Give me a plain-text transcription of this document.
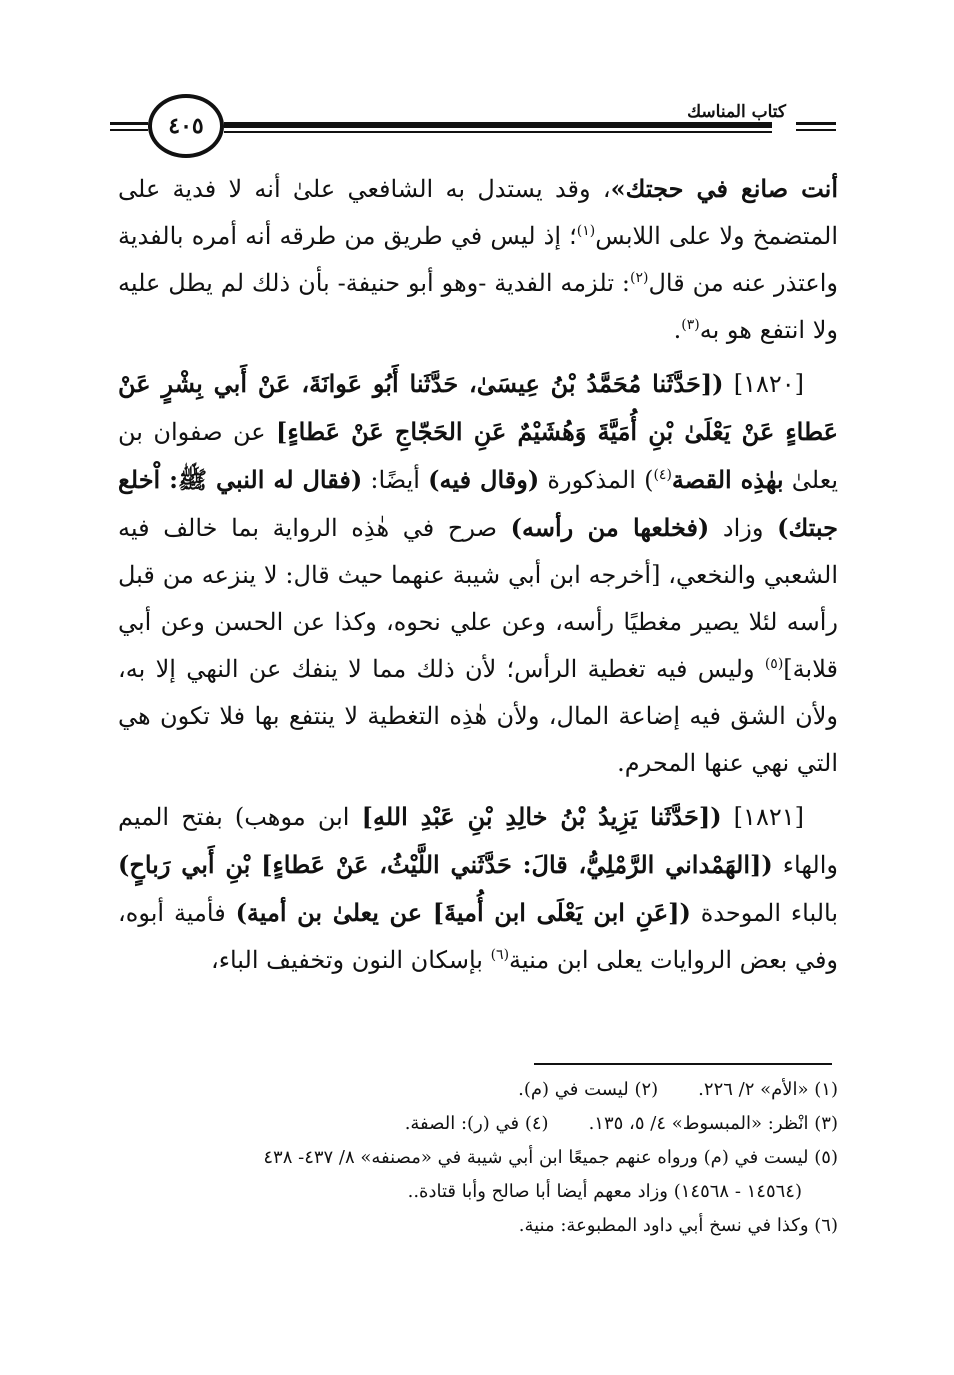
٤٠٥
كتاب المناسك

أنت صانع في حجتك»، وقد يستدل به الشافعي علىٰ أنه لا فدية على المتضمخ ولا على اللابس$^{(١)}$؛ إذ ليس في طريق من طرقه أنه أمره بالفدية واعتذر عنه من قال$^{(٢)}$: تلزمه الفدية -وهو أبو حنيفة- بأن ذلك لم يطل عليه ولا انتفع هو به$^{(٣)}$.

[١٨٢٠] ([حَدَّثَنا مُحَمَّدُ بْنُ عِيسَىٰ، حَدَّثَنا أَبُو عَوانَةَ، عَنْ أَبي بِشْرٍ عَنْ عَطاءٍ عَنْ يَعْلَىٰ بْنِ أُمَيَّةَ وَهُشَيْمٌ عَنِ الحَجّاجِ عَنْ عَطاءٍ] عن صفوان بن يعلىٰ بهٰذِه القصة$^{(٤)}$) المذكورة (وقال فيه) أيضًا: (فقال له النبي ﷺ: اْخلع جبتك) وزاد (فخلعها من رأسه) صرح في هٰذِه الرواية بما خالف فيه الشعبي والنخعي، [أخرجه ابن أبي شيبة عنهما حيث قال: لا ينزعه من قبل رأسه لئلا يصير مغطيًا رأسه، وعن علي نحوه، وكذا عن الحسن وعن أبي قلابة]$^{(٥)}$ وليس فيه تغطية الرأس؛ لأن ذلك مما لا ينفك عن النهي إلا به، ولأن الشق فيه إضاعة المال، ولأن هٰذِه التغطية لا ينتفع بها فلا تكون هي التي نهي عنها المحرم.

[١٨٢١] ([حَدَّثَنا يَزِيدُ بْنُ خالِدِ بْنِ عَبْدِ اللهِ] ابن موهب) بفتح الميم والهاء ([الهَمْداني الرَّمْلِيُّ، قالَ: حَدَّثَني اللَّيْثُ، عَنْ عَطاءٍ] بْنِ أَبي رَباحٍ) بالباء الموحدة ([عَنِ ابن يَعْلَى ابن أُميةَ] عن يعلىٰ بن أمية) فأمية أبوه، وفي بعض الروايات يعلى ابن منية$^{(٦)}$ بإسكان النون وتخفيف الباء،

(١) «الأم» ٢/ ٢٢٦.

(٢) ليست في (م).

(٣) انْظر: «المبسوط» ٤/ ٥، ١٣٥.

(٤) في (ر): الصفة.

(٥) ليست في (م) ورواه عنهم جميعًا ابن أبي شيبة في «مصنفه» ٨/ ٤٣٧- ٤٣٨

(١٤٥٦٤ - ١٤٥٦٨) وزاد معهم أيضا أبا صالح وأبا قتادة..

(٦) وكذا في نسخ أبي داود المطبوعة: منية.
